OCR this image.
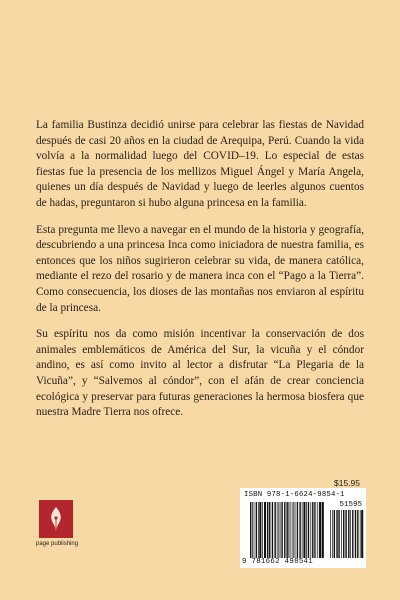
La familia Bustinza decidió unirse para celebrar las fiestas de Navidad después de casi 20 años en la ciudad de Arequipa, Perú. Cuando la vida volvía a la normalidad luego del COVID–19. Lo especial de estas fiestas fue la presencia de los mellizos Miguel Ángel y María Angela, quienes un día después de Navidad y luego de leerles algunos cuentos de hadas, preguntaron si hubo alguna princesa en la familia.

Esta pregunta me llevo a navegar en el mundo de la historia y geografía, descubriendo a una princesa Inca como iniciadora de nuestra familia, es entonces que los niños sugirieron celebrar su vida, de manera católica, mediante el rezo del rosario y de manera inca con el “Pago a la Tierra”. Como consecuencia, los dioses de las montañas nos enviaron al espíritu de la princesa.

Su espíritu nos da como misión incentivar la conservación de dos animales emblemáticos de América del Sur, la vicuña y el cóndor andino, es así como invito al lector a disfrutar “La Plegaria de la Vicuña”, y “Salvemos al cóndor”, con el afán de crear conciencia ecológica y preservar para futuras generaciones la hermosa biosfera que nuestra Madre Tierra nos ofrece.

$15.95
ISBN 978-1-6624-9854-1
51595
9 781662 498541
page publishing
